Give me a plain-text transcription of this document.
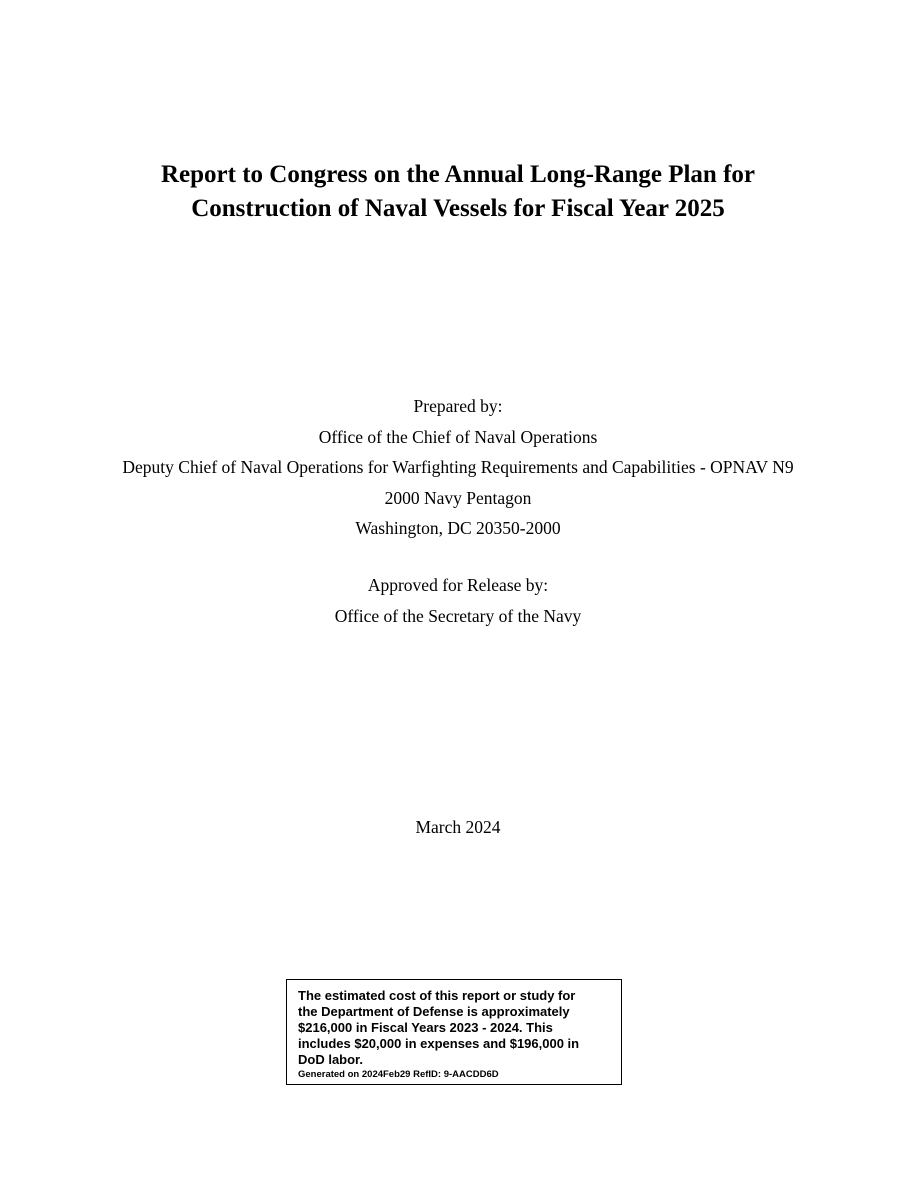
Report to Congress on the Annual Long-Range Plan for
Construction of Naval Vessels for Fiscal Year 2025
Prepared by:
Office of the Chief of Naval Operations
Deputy Chief of Naval Operations for Warfighting Requirements and Capabilities - OPNAV N9
2000 Navy Pentagon
Washington, DC 20350-2000
Approved for Release by:
Office of the Secretary of the Navy
March 2024
The estimated cost of this report or study for
the Department of Defense is approximately
$216,000 in Fiscal Years 2023 - 2024. This
includes $20,000 in expenses and $196,000 in
DoD labor.
Generated on 2024Feb29 RefID: 9-AACDD6D
